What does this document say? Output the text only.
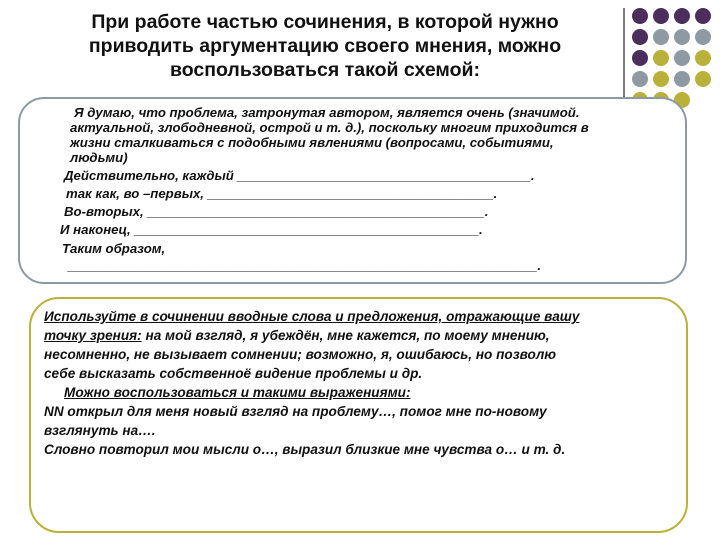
При работе частью сочинения, в которой нужно
приводить аргументацию своего мнения, можно
воспользоваться такой схемой:
Я думаю, что проблема, затронутая автором, является очень (значимой.
актуальной, злободневной, острой и т. д.), поскольку многим приходится в
жизни сталкиваться с подобными явлениями (вопросами, событиями,
людьми)
Действительно, каждый ________________________________________.
так как, во –первых, _______________________________________.
Во-вторых, ______________________________________________.
И наконец, _______________________________________________.
Таким образом,
________________________________________________________________.
Используйте в сочинении вводные слова и предложения, отражающие вашу
точку зрения: на мой взгляд, я убеждён, мне кажется, по моему мнению,
несомненно, не вызывает сомнении; возможно, я, ошибаюсь, но позволю
себе высказать собственноё видение проблемы и др.
Можно воспользоваться и такими выражениями:
NN открыл для меня новый взгляд на проблему…, помог мне по-новому
взглянуть на….
Словно повторил мои мысли о…, выразил близкие мне чувства о… и т. д.
